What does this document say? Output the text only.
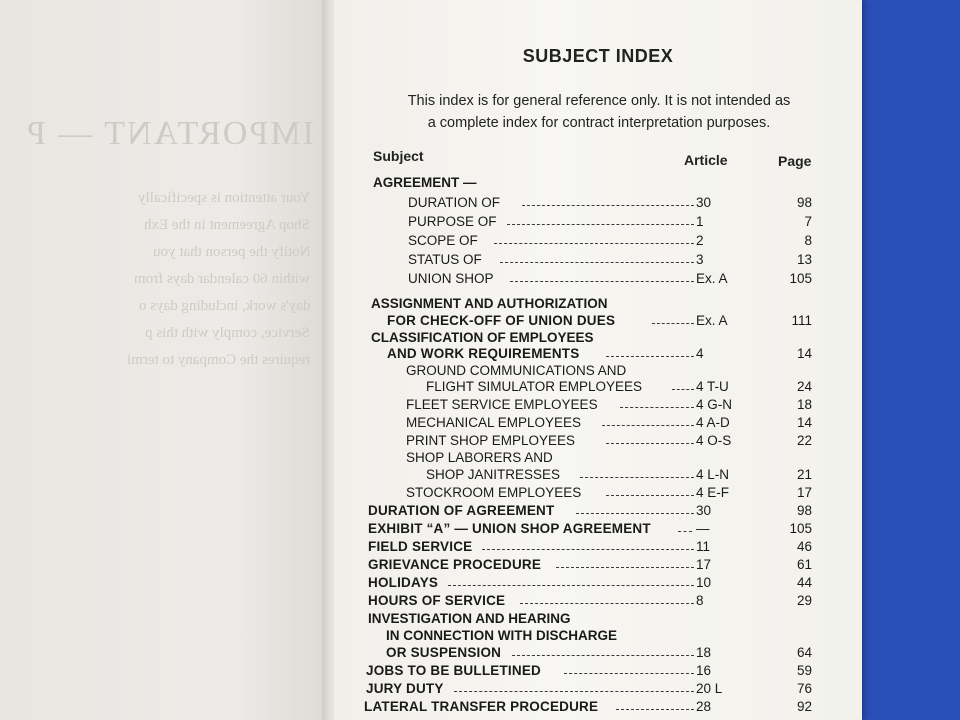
IMPORTANT — P
Your attention is specifically
Shop Agreement in the Exh
Notify the person that you
within 60 calendar days from
day's work, including days o
Service, comply with this p
requires the Company to termi
SUBJECT INDEX
This index is for general reference only. It is not intended as
a complete index for contract interpretation purposes.
Subject	Article	Page
AGREEMENT —
DURATION OF	30	98
PURPOSE OF	1	7
SCOPE OF	2	8
STATUS OF	3	13
UNION SHOP	Ex. A	105
ASSIGNMENT AND AUTHORIZATION
FOR CHECK-OFF OF UNION DUES	Ex. A	111
CLASSIFICATION OF EMPLOYEES
AND WORK REQUIREMENTS	4	14
GROUND COMMUNICATIONS AND
FLIGHT SIMULATOR EMPLOYEES	4 T-U	24
FLEET SERVICE EMPLOYEES	4 G-N	18
MECHANICAL EMPLOYEES	4 A-D	14
PRINT SHOP EMPLOYEES	4 O-S	22
SHOP LABORERS AND
SHOP JANITRESSES	4 L-N	21
STOCKROOM EMPLOYEES	4 E-F	17
DURATION OF AGREEMENT	30	98
EXHIBIT “A” — UNION SHOP AGREEMENT	—	105
FIELD SERVICE	11	46
GRIEVANCE PROCEDURE	17	61
HOLIDAYS	10	44
HOURS OF SERVICE	8	29
INVESTIGATION AND HEARING
IN CONNECTION WITH DISCHARGE
OR SUSPENSION	18	64
JOBS TO BE BULLETINED	16	59
JURY DUTY	20 L	76
LATERAL TRANSFER PROCEDURE	28	92
